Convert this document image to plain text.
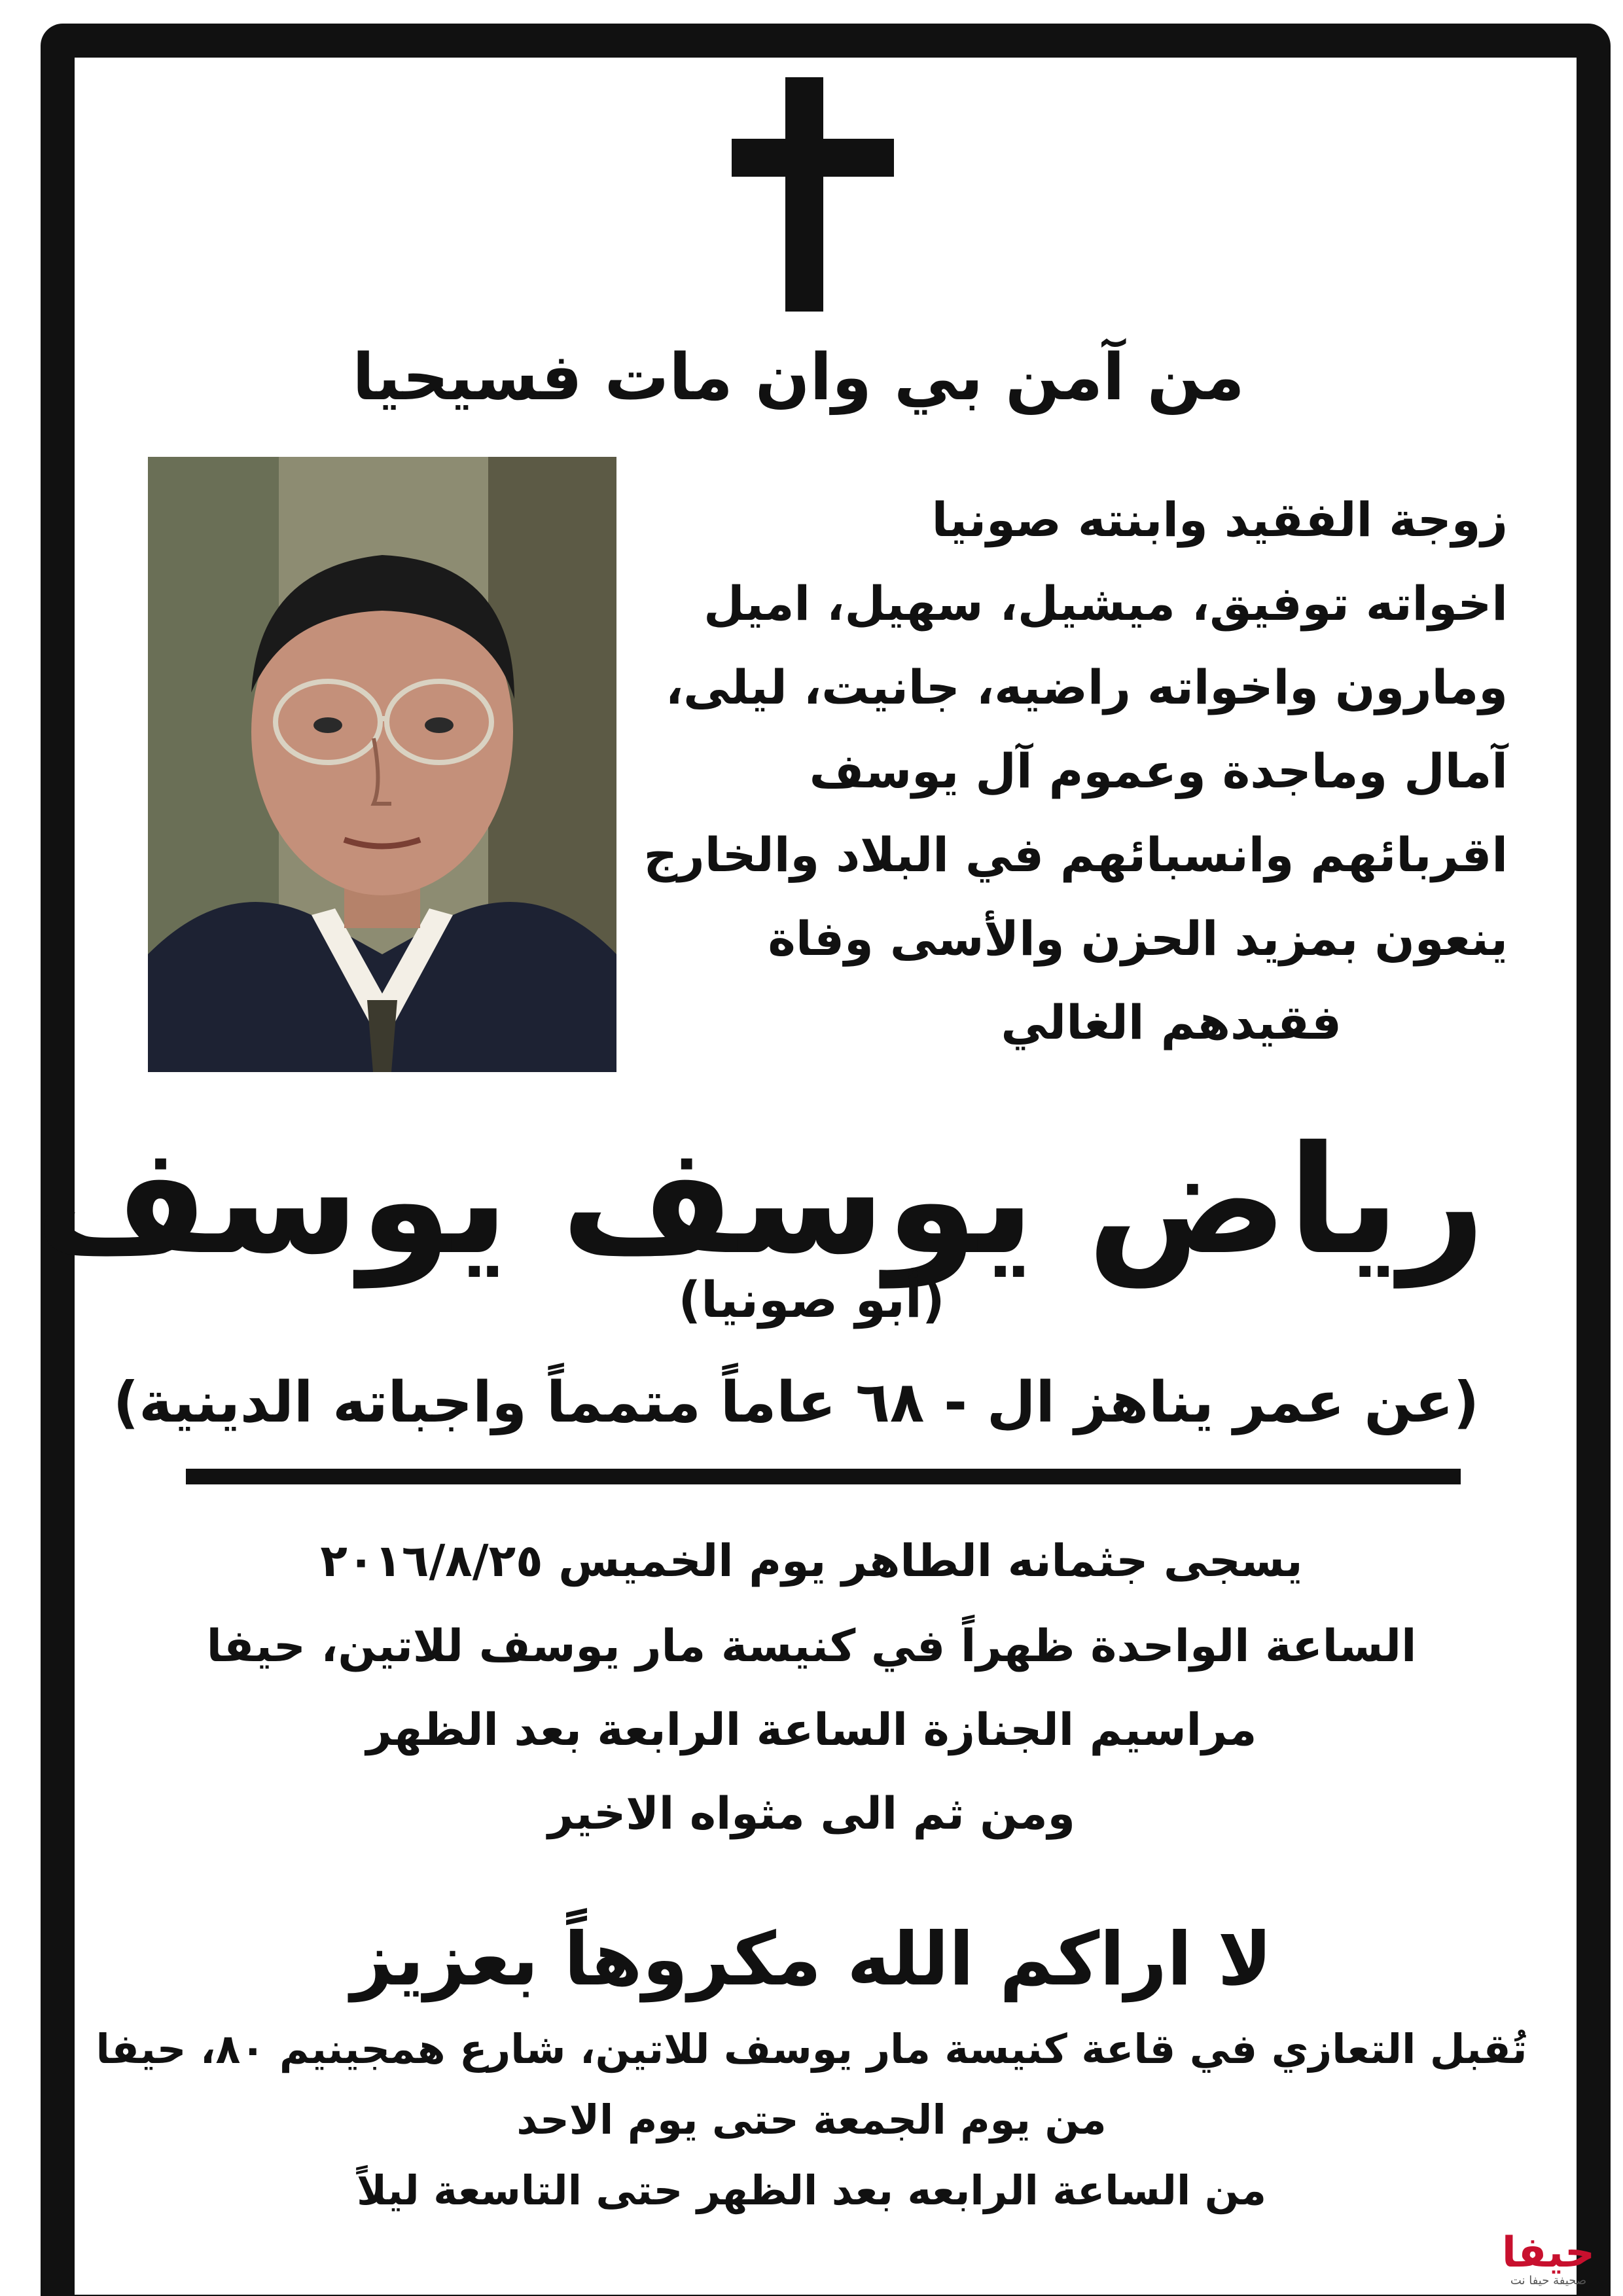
من آمن بي وان مات فسيحيا
زوجة الفقيد وابنته صونيا
اخواته توفيق، ميشيل، سهيل، اميل
ومارون واخواته راضيه، جانيت، ليلى،
آمال وماجدة وعموم آل يوسف
اقربائهم وانسبائهم في البلاد والخارج
ينعون بمزيد الحزن والأسى وفاة
فقيدهم الغالي
رياض يوسف يوسف
(أبو صونيا)
(عن عمر يناهز ال - ٦٨ عاماً متمماً واجباته الدينية)
يسجى جثمانه الطاهر يوم الخميس ٢٠١٦/٨/٢٥
الساعة الواحدة ظهراً في كنيسة مار يوسف للاتين، حيفا
مراسيم الجنازة الساعة الرابعة بعد الظهر
ومن ثم الى مثواه الاخير
لا اراكم الله مكروهاً بعزيز
تُقبل التعازي في قاعة كنيسة مار يوسف للاتين، شارع همجينيم ٨٠، حيفا
من يوم الجمعة حتى يوم الاحد
من الساعة الرابعه بعد الظهر حتى التاسعة ليلاً
حيفا
صحيفة حيفا نت
